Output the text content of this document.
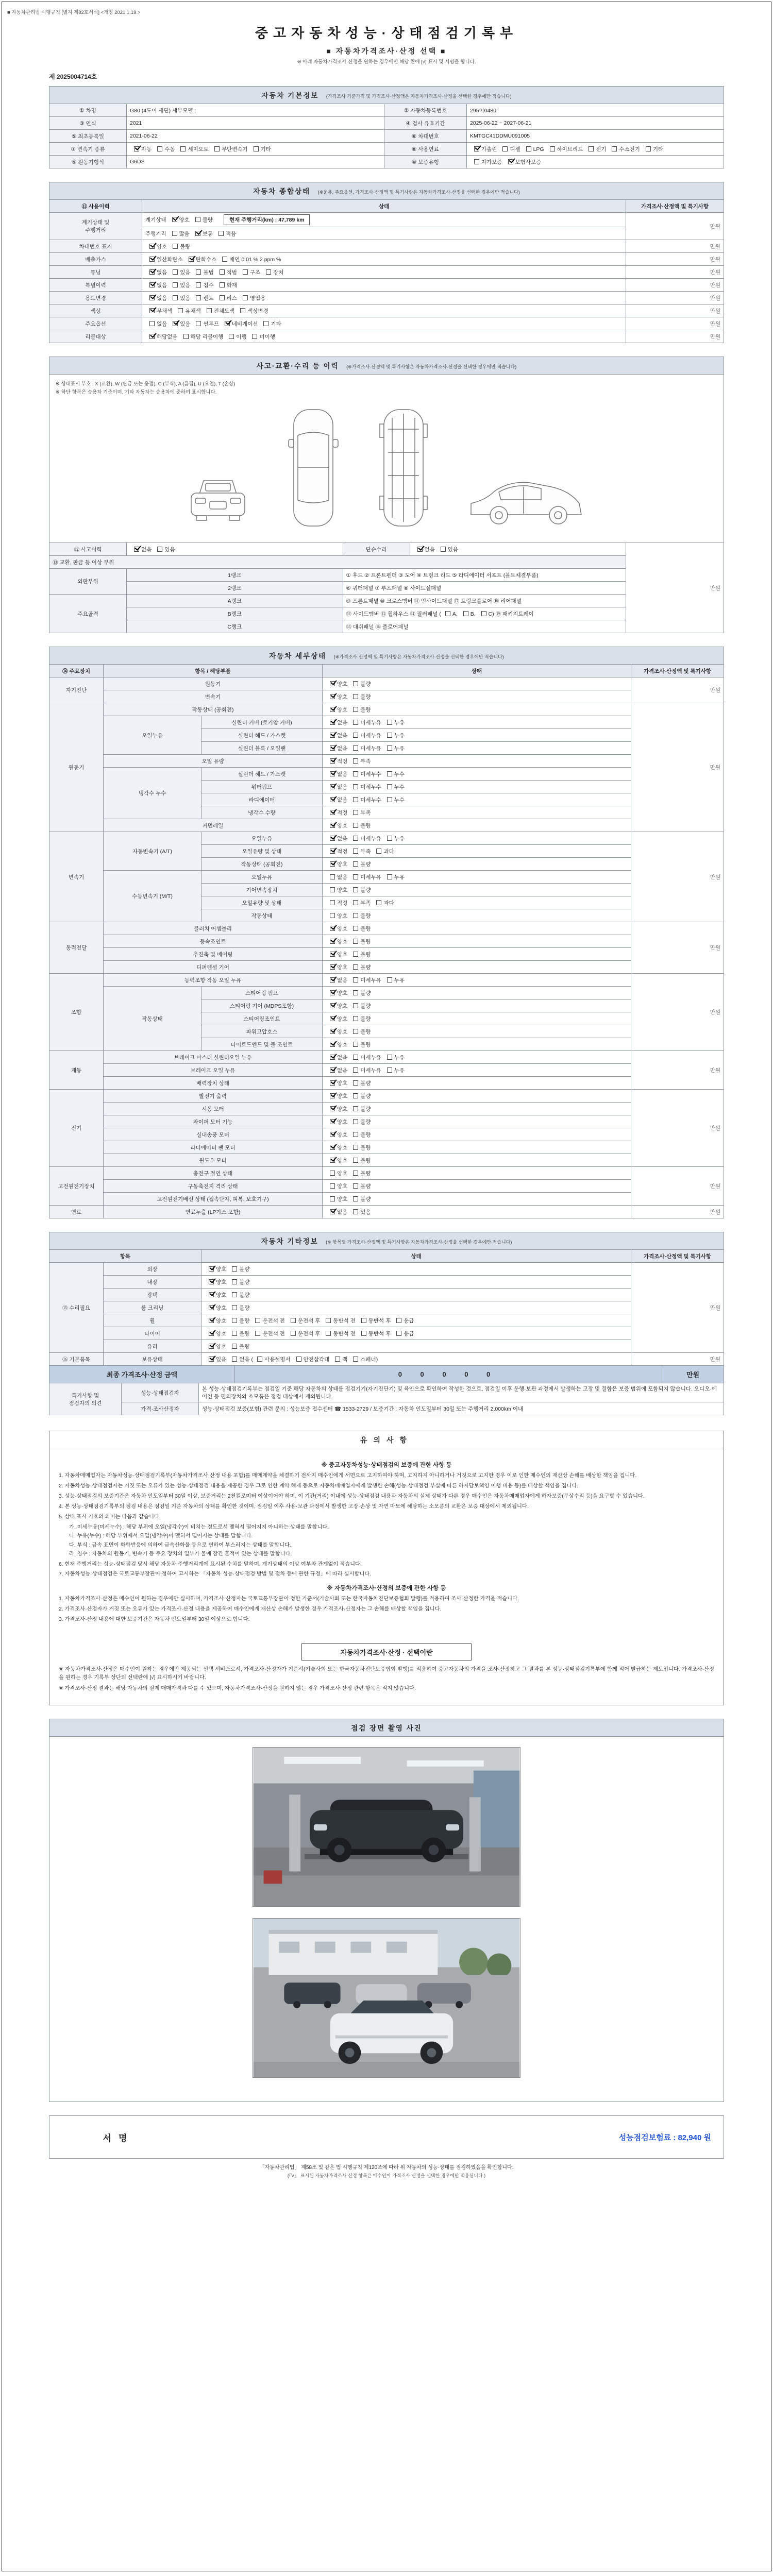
■ 자동차관리법 시행규칙 [별지 제82호서식] <개정 2021.1.19.>
중고자동차성능·상태점검기록부
■ 자동차가격조사·산정 선택 ■
※ 아래 자동차가격조사·산정을 원하는 경우에만 해당 란에 [√] 표시 및 서명을 합니다.
제 2025004714호
자동차 기본정보 (가격조사 기준가격 및 가격조사·산정액은 자동차가격조사·산정을 선택한 경우에만 적습니다)
① 차명	G80 (4도어 세단) 세부모델 :	② 자동차등록번호	295머0480
③ 연식	2021	④ 검사 유효기간	2025-06-22 ~ 2027-06-21
⑤ 최초등록일	2021-06-22	⑥ 차대번호	KMTGC41DDMU091005
⑦ 변속기 종류	자동 수동 세미오토 무단변속기 기타	⑧ 사용연료	가솔린 디젤 LPG 하이브리드 전기 수소전기 기타
⑨ 원동기형식	G6DS	⑩ 보증유형	자가보증 보험사보증
자동차 종합상태 (※운용, 주요옵션, 가격조사·산정액 및 특기사항은 자동차가격조사·산정을 선택한 경우에만 적습니다)
⑪ 사용이력	상태	가격조사·산정액 및 특기사항
계기상태 및
주행거리	계기상태 양호 불량 현재 주행거리(km) : 47,789 km	만원
	주행거리 많음 보통 적음	
차대번호 표기	양호 불량	만원
배출가스	일산화탄소 탄화수소 매연 0.01 % 2 ppm %	만원
튜닝	없음 있음 불법 적법 구조 장치	만원
특별이력	없음 있음 침수 화재	만원
용도변경	없음 있음 렌트 리스 영업용	만원
색상	무채색 유채색 전체도색 색상변경	만원
주요옵션	없음 있음 썬루프 네비게이션 기타	만원
리콜대상	해당없음 해당 리콜이행 이행 미이행	만원
사고·교환·수리 등 이력 (※가격조사·산정액 및 특기사항은 자동차가격조사·산정을 선택한 경우에만 적습니다)
※ 상태표시 부호 : X (교환), W (판금 또는 용접), C (부식), A (흠집), U (요철), T (손상)
※ 하단 항목은 승용차 기준이며, 기타 자동차는 승용차에 준하여 표시합니다.
⑫ 사고이력	없음 있음	단순수리	없음 있음	만원
⑬ 교환, 판금 등 이상 부위				
외판부위	1랭크	① 후드 ② 프론트펜더 ③ 도어 ④ 트렁크 리드 ⑤ 라디에이터 서포트 (볼트체결부품)		
	2랭크	⑥ 쿼터패널 ⑦ 루프패널 ⑧ 사이드실패널		
주요골격	A랭크	⑨ 프론트패널 ⑩ 크로스멤버 ⑪ 인사이드패널 ⑰ 트렁크플로어 ⑱ 리어패널		
	B랭크	⑫ 사이드멤버 ⑬ 휠하우스 ⑭ 필러패널 ( A, B, C) ⑲ 패키지트레이		
	C랭크	⑮ 대쉬패널 ⑯ 플로어패널		
자동차 세부상태 (※가격조사·산정액 및 특기사항은 자동차가격조사·산정을 선택한 경우에만 적습니다)
⑭ 주요장치	항목 / 해당부품		상태	가격조사·산정액 및 특기사항
자기진단	원동기		양호 불량	만원
	변속기		양호 불량	
원동기	작동상태 (공회전)		양호 불량	만원
	오일누유	실린더 커버 (로커암 커버)	없음 미세누유 누유	
		실린더 헤드 / 가스켓	없음 미세누유 누유	
		실린더 블록 / 오일팬	없음 미세누유 누유	
	오일 유량		적정 부족	
	냉각수 누수	실린더 헤드 / 가스켓	없음 미세누수 누수	
		워터펌프	없음 미세누수 누수	
		라디에이터	없음 미세누수 누수	
		냉각수 수량	적정 부족	
	커먼레일		양호 불량	
변속기	자동변속기 (A/T)	오일누유	없음 미세누유 누유	만원
		오일유량 및 상태	적정 부족 과다	
		작동상태 (공회전)	양호 불량	
	수동변속기 (M/T)	오일누유	없음 미세누유 누유	
		기어변속장치	양호 불량	
		오일유량 및 상태	적정 부족 과다	
		작동상태	양호 불량	
동력전달	클러치 어셈블리		양호 불량	만원
	등속조인트		양호 불량	
	추진축 및 베어링		양호 불량	
	디퍼렌셜 기어		양호 불량	
조향	동력조향 작동 오일 누유		없음 미세누유 누유	만원
	작동상태	스티어링 펌프	양호 불량	
		스티어링 기어 (MDPS포함)	양호 불량	
		스티어링조인트	양호 불량	
		파워고압호스	양호 불량	
		타이로드엔드 및 볼 조인트	양호 불량	
제동	브레이크 마스터 실린더오일 누유		없음 미세누유 누유	만원
	브레이크 오일 누유		없음 미세누유 누유	
	배력장치 상태		양호 불량	
전기	발전기 출력		양호 불량	만원
	시동 모터		양호 불량	
	와이퍼 모터 기능		양호 불량	
	실내송풍 모터		양호 불량	
	라디에이터 팬 모터		양호 불량	
	윈도우 모터		양호 불량	
고전원전기장치	충전구 절연 상태		양호 불량	만원
	구동축전지 격리 상태		양호 불량	
	고전원전기배선 상태 (접속단자, 피복, 보호기구)		양호 불량	
연료	연료누출 (LP가스 포함)		없음 있음	만원
자동차 기타정보 (※ 항목별 가격조사·산정액 및 특기사항은 자동차가격조사·산정을 선택한 경우에만 적습니다)
항목		상태	가격조사·산정액 및 특기사항
⑮ 수리필요	외장	양호 불량	만원
	내장	양호 불량	
	광택	양호 불량	
	룸 크리닝	양호 불량	
	휠	양호 불량 운전석 전 운전석 후 동반석 전 동반석 후 응급	
	타이어	양호 불량 운전석 전 운전석 후 동반석 전 동반석 후 응급	
	유리	양호 불량	
⑯ 기본품목	보유상태	있음 없음 ( 사용설명서 안전삼각대 잭 스패너)	만원
최종 가격조사·산정 금액	0 0 0 0 0	만원
특기사항 및
점검자의 의견	성능·상태점검자	본 성능·상태점검기록부는 점검일 기준 해당 자동차의 상태를 점검기기(자기진단기) 및 육안으로 확인하여 작성한 것으로, 점검일 이후 운행·보관 과정에서 발생하는 고장 및 결함은 보증 범위에 포함되지 않습니다. 오디오·에어컨 등 편의장치와 소모품은 점검 대상에서 제외됩니다.
	가격·조사산정자	성능·상태점검 보증(보험) 관련 문의 : 성능보증 접수센터 ☎ 1533-2729 / 보증기간 : 자동차 인도일부터 30일 또는 주행거리 2,000km 이내
유의사항
※ 중고자동차성능·상태점검의 보증에 관한 사항 등
1. 자동차매매업자는 자동차성능·상태점검기록부(자동차가격조사·산정 내용 포함)를 매매계약을 체결하기 전까지 매수인에게 서면으로 고지하여야 하며, 고지하지 아니하거나 거짓으로 고지한 경우 이로 인한 매수인의 재산상 손해를 배상할 책임을 집니다.
2. 자동차성능·상태점검자는 거짓 또는 오류가 있는 성능·상태점검 내용을 제공한 경우 그로 인한 계약 해제 등으로 자동차매매업자에게 발생한 손해(성능·상태점검 부실에 따른 하자담보책임 이행 비용 등)를 배상할 책임을 집니다.
3. 성능·상태점검의 보증기간은 자동차 인도일부터 30일 이상, 보증거리는 2천킬로미터 이상이어야 하며, 이 기간(거리) 이내에 성능·상태점검 내용과 자동차의 실제 상태가 다른 경우 매수인은 자동차매매업자에게 하자보증(무상수리 등)을 요구할 수 있습니다.
4. 본 성능·상태점검기록부의 점검 내용은 점검일 기준 자동차의 상태를 확인한 것이며, 점검일 이후 사용·보관 과정에서 발생한 고장·손상 및 자연 마모에 해당하는 소모품의 교환은 보증 대상에서 제외됩니다.
5. 상태 표시 기호의 의미는 다음과 같습니다.
가. 미세누유(미세누수) : 해당 부위에 오일(냉각수)이 비치는 정도로서 맺혀서 떨어지지 아니하는 상태를 말합니다.
나. 누유(누수) : 해당 부위에서 오일(냉각수)이 맺혀서 떨어지는 상태를 말합니다.
다. 부식 : 금속 표면이 화학반응에 의하여 금속산화물 등으로 변하여 부스러지는 상태를 말합니다.
라. 침수 : 자동차의 원동기, 변속기 등 주요 장치의 일부가 물에 잠긴 흔적이 있는 상태를 말합니다.
6. 현재 주행거리는 성능·상태점검 당시 해당 자동차 주행거리계에 표시된 수치를 말하며, 계기상태의 이상 여부와 관계없이 적습니다.
7. 자동차성능·상태점검은 국토교통부장관이 정하여 고시하는 「자동차 성능·상태점검 방법 및 절차 등에 관한 규정」에 따라 실시합니다.
※ 자동차가격조사·산정의 보증에 관한 사항 등
1. 자동차가격조사·산정은 매수인이 원하는 경우에만 실시하며, 가격조사·산정자는 국토교통부장관이 정한 기준서(기술사회 또는 한국자동차진단보증협회 발행)를 적용하여 조사·산정한 가격을 적습니다.
2. 가격조사·산정자가 거짓 또는 오류가 있는 가격조사·산정 내용을 제공하여 매수인에게 재산상 손해가 발생한 경우 가격조사·산정자는 그 손해를 배상할 책임을 집니다.
3. 가격조사·산정 내용에 대한 보증기간은 자동차 인도일부터 30일 이상으로 합니다.
자동차가격조사·산정 · 선택이란

※ 자동차가격조사·산정은 매수인이 원하는 경우에만 제공되는 선택 서비스로서, 가격조사·산정자가 기준서(기술사회 또는 한국자동차진단보증협회 발행)를 적용하여 중고자동차의 가격을 조사·산정하고 그 결과를 본 성능·상태점검기록부에 함께 적어 발급하는 제도입니다. 가격조사·산정을 원하는 경우 기록부 상단의 선택란에 [√] 표시하시기 바랍니다.

※ 가격조사·산정 결과는 해당 자동차의 실제 매매가격과 다를 수 있으며, 자동차가격조사·산정을 원하지 않는 경우 가격조사·산정 관련 항목은 적지 않습니다.

점검 장면 촬영 사진
서명	성능점검보험료 : 82,940 원
「자동차관리법」 제58조 및 같은 법 시행규칙 제120조에 따라 위 자동차의 성능·상태를 점검하였음을 확인합니다.
(『V』 표시된 자동차가격조사·산정 항목은 매수인이 가격조사·산정을 선택한 경우에만 적용됩니다.)
